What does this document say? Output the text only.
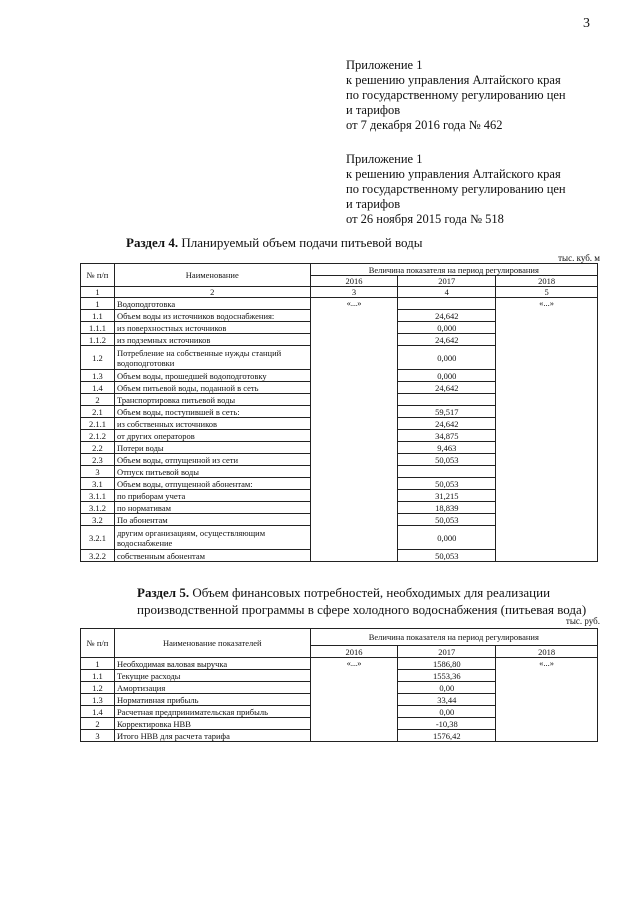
3
Приложение 1
к решению управления Алтайского края
по государственному регулированию цен
и тарифов
от 7 декабря 2016 года № 462
Приложение 1
к решению управления Алтайского края
по государственному регулированию цен
и тарифов
от 26 ноября 2015 года № 518
Раздел 4. Планируемый объем подачи питьевой воды
тыс. куб. м
№ п/п	Наименование	Величина показателя на период регулирования		
		2016	2017	2018
1	2	3	4	5
1	Водоподготовка	«...»		«...»
1.1	Объем воды из источников водоснабжения:		24,642	
1.1.1	из поверхностных источников		0,000	
1.1.2	из подземных источников		24,642	
1.2	Потребление на собственные нужды станций водоподготовки		0,000	
1.3	Объем воды, прошедшей водоподготовку		0,000	
1.4	Объем питьевой воды, поданной в сеть		24,642	
2	Транспортировка питьевой воды			
2.1	Объем воды, поступившей в сеть:		59,517	
2.1.1	из собственных источников		24,642	
2.1.2	от других операторов		34,875	
2.2	Потери воды		9,463	
2.3	Объем воды, отпущенной из сети		50,053	
3	Отпуск питьевой воды			
3.1	Объем воды, отпущенной абонентам:		50,053	
3.1.1	по приборам учета		31,215	
3.1.2	по нормативам		18,839	
3.2	По абонентам		50,053	
3.2.1	другим организациям, осуществляющим водоснабжение		0,000	
3.2.2	собственным абонентам		50,053	
Раздел 5. Объем финансовых потребностей, необходимых для реализации производственной программы в сфере холодного водоснабжения (питьевая вода)
тыс. руб.
№ п/п	Наименование показателей	Величина показателя на период регулирования		
		2016	2017	2018
1	Необходимая валовая выручка	«...»	1586,80	«...»
1.1	Текущие расходы		1553,36	
1.2	Амортизация		0,00	
1.3	Нормативная прибыль		33,44	
1.4	Расчетная предпринимательская прибыль		0,00	
2	Корректировка НВВ		-10,38	
3	Итого НВВ для расчета тарифа		1576,42	
